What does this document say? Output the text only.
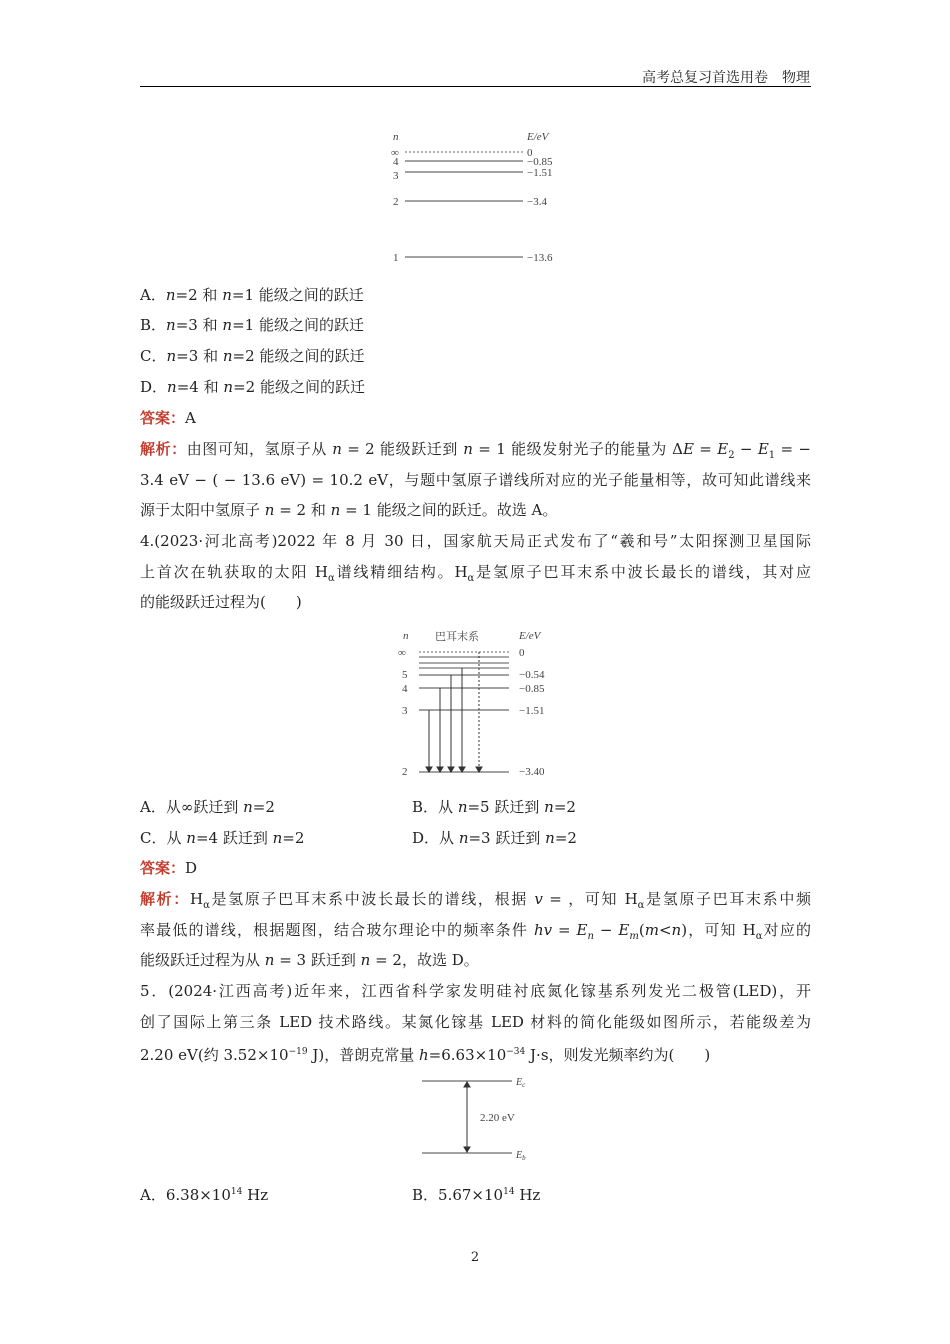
高考总复习首选用卷　物理
n	E/eV
∞	0
4	−0.85
3	−1.51
2	−3.4
1	−13.6
A．n=2 和 n=1 能级之间的跃迁
B．n=3 和 n=1 能级之间的跃迁
C．n=3 和 n=2 能级之间的跃迁
D．n=4 和 n=2 能级之间的跃迁
答案：A
解析：由图可知，氢原子从 n = 2 能级跃迁到 n = 1 能级发射光子的能量为 $\Delta E = E_2 - E_1$ = −
3.4 eV − ( − 13.6 eV) = 10.2 eV，与题中氢原子谱线所对应的光子能量相等，故可知此谱线来
源于太阳中氢原子 n = 2 和 n = 1 能级之间的跃迁。故选 A。
4.(2023·河北高考)2022 年 8 月 30 日，国家航天局正式发布了“羲和号”太阳探测卫星国际
上首次在轨获取的太阳 $H_\alpha$谱线精细结构。$H_\alpha$是氢原子巴耳末系中波长最长的谱线，其对应
的能级跃迁过程为(　　)
n 巴耳末系	E/eV
∞	0
5	−0.54
4	−0.85
3	−1.51
2	−3.40
A．从∞跃迁到 n=2	B．从 n=5 跃迁到 n=2
C．从 n=4 跃迁到 n=2	D．从 n=3 跃迁到 n=2
答案：D
解析：$H_\alpha$是氢原子巴耳末系中波长最长的谱线，根据 v = ，可知 $H_\alpha$是氢原子巴耳末系中频
率最低的谱线，根据题图，结合玻尔理论中的频率条件 hv = $E_n - E_m(m<n)$，可知 $H_\alpha$对应的
能级跃迁过程为从 n = 3 跃迁到 n = 2，故选 D。
5．(2024·江西高考)近年来，江西省科学家发明硅衬底氮化镓基系列发光二极管(LED)，开
创了国际上第三条 LED 技术路线。某氮化镓基 LED 材料的简化能级如图所示，若能级差为
2.20 eV(约 $3.52\times 10^{-19}$ J)，普朗克常量 $h=6.63\times 10^{-34}$ J·s，则发光频率约为(　　)
$E_c$
$E_b$
2.20 eV
A．$6.38\times 10^{14}$ Hz	B．$5.67\times 10^{14}$ Hz
2
